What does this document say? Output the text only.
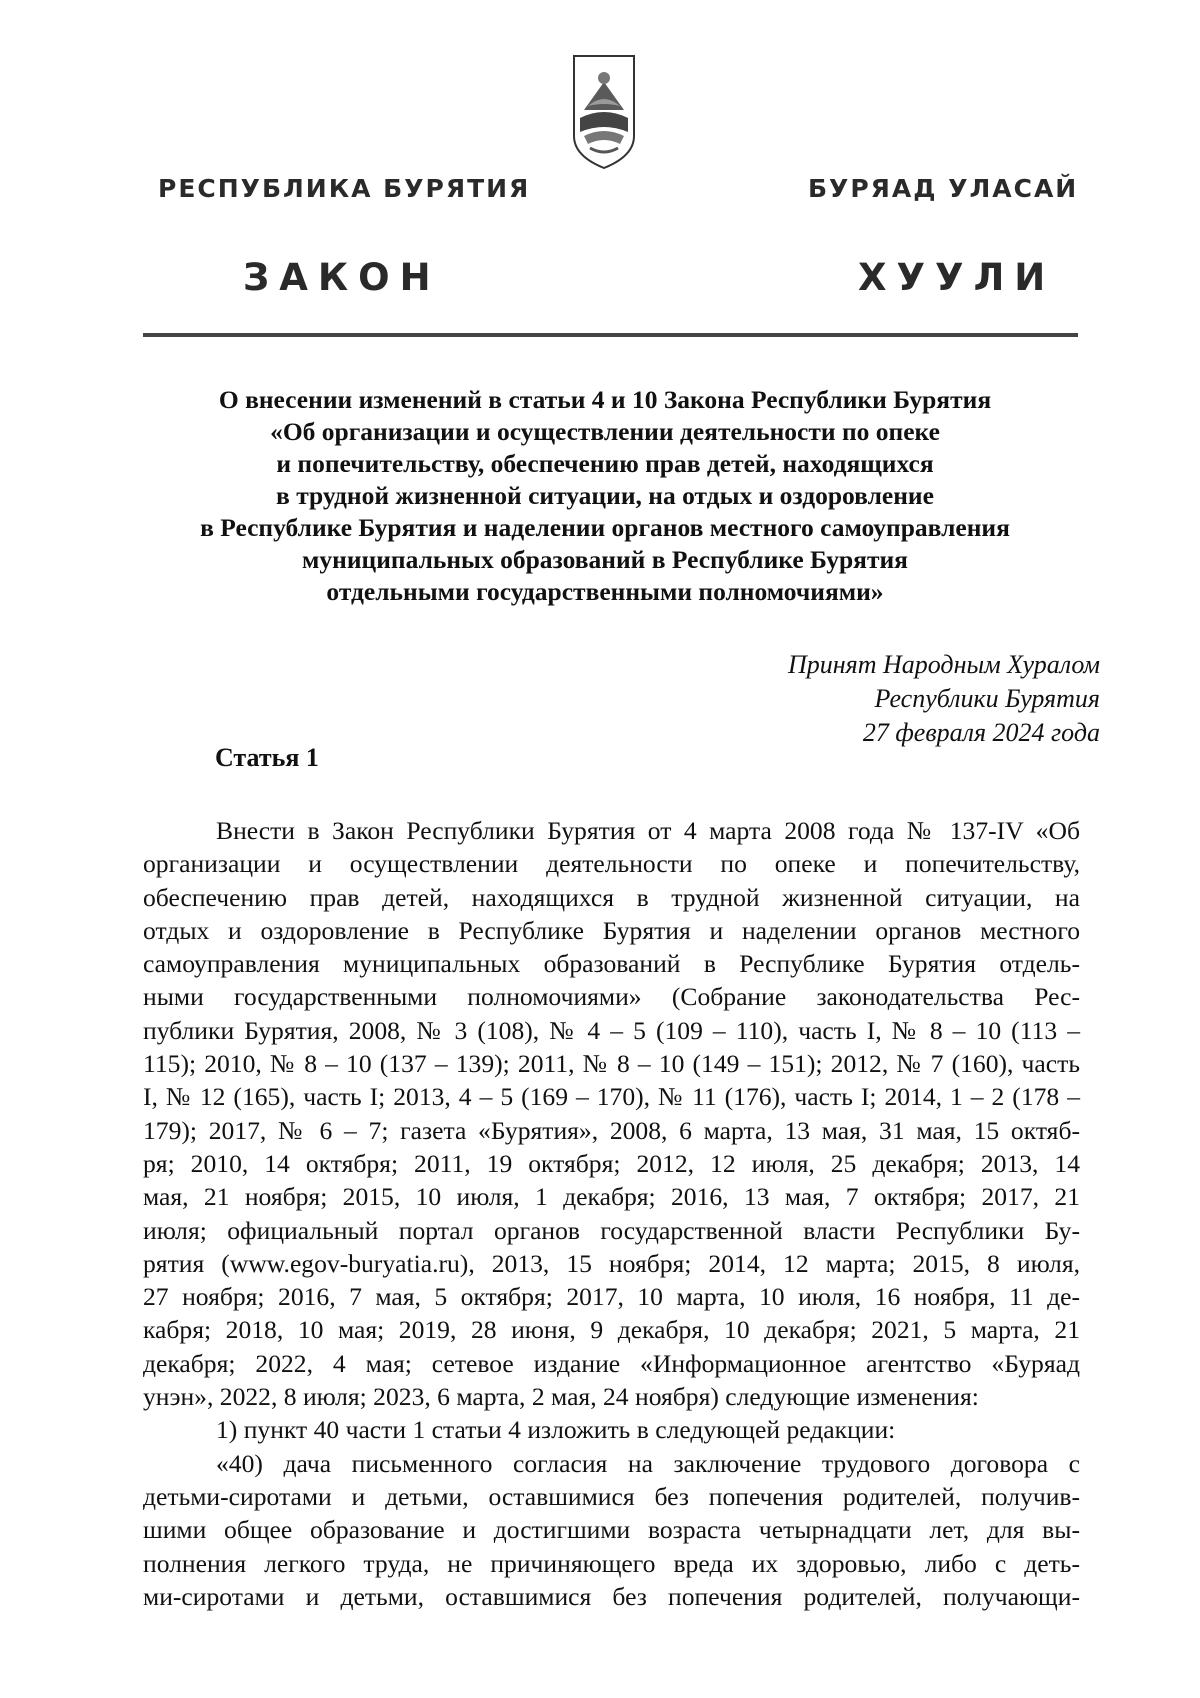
РЕСПУБЛИКА БУРЯТИЯ	БУРЯАД УЛАСАЙ
ЗАКОН	ХУУЛИ
О внесении изменений в статьи 4 и 10 Закона Республики Бурятия
«Об организации и осуществлении деятельности по опеке
и попечительству, обеспечению прав детей, находящихся
в трудной жизненной ситуации, на отдых и оздоровление
в Республике Бурятия и наделении органов местного самоуправления
муниципальных образований в Республике Бурятия
отдельными государственными полномочиями»
Принят Народным Хуралом
Республики Бурятия
27 февраля 2024 года
Статья 1
Внести в Закон Республики Бурятия от 4 марта 2008 года № 137-IV «Об
организации и осуществлении деятельности по опеке и попечительству,
обеспечению прав детей, находящихся в трудной жизненной ситуации, на
отдых и оздоровление в Республике Бурятия и наделении органов местного
самоуправления муниципальных образований в Республике Бурятия отдель-
ными государственными полномочиями» (Собрание законодательства Рес-
публики Бурятия, 2008, № 3 (108), № 4 – 5 (109 – 110), часть I, № 8 – 10 (113 –
115); 2010, № 8 – 10 (137 – 139); 2011, № 8 – 10 (149 – 151); 2012, № 7 (160), часть
I, № 12 (165), часть I; 2013, 4 – 5 (169 – 170), № 11 (176), часть I; 2014, 1 – 2 (178 –
179); 2017, № 6 – 7; газета «Бурятия», 2008, 6 марта, 13 мая, 31 мая, 15 октяб-
ря; 2010, 14 октября; 2011, 19 октября; 2012, 12 июля, 25 декабря; 2013, 14
мая, 21 ноября; 2015, 10 июля, 1 декабря; 2016, 13 мая, 7 октября; 2017, 21
июля; официальный портал органов государственной власти Республики Бу-
рятия (www.egov-buryatia.ru), 2013, 15 ноября; 2014, 12 марта; 2015, 8 июля,
27 ноября; 2016, 7 мая, 5 октября; 2017, 10 марта, 10 июля, 16 ноября, 11 де-
кабря; 2018, 10 мая; 2019, 28 июня, 9 декабря, 10 декабря; 2021, 5 марта, 21
декабря; 2022, 4 мая; сетевое издание «Информационное агентство «Буряад
унэн», 2022, 8 июля; 2023, 6 марта, 2 мая, 24 ноября) следующие изменения:
1) пункт 40 части 1 статьи 4 изложить в следующей редакции:
«40) дача письменного согласия на заключение трудового договора с
детьми-сиротами и детьми, оставшимися без попечения родителей, получив-
шими общее образование и достигшими возраста четырнадцати лет, для вы-
полнения легкого труда, не причиняющего вреда их здоровью, либо с деть-
ми-сиротами и детьми, оставшимися без попечения родителей, получающи-
